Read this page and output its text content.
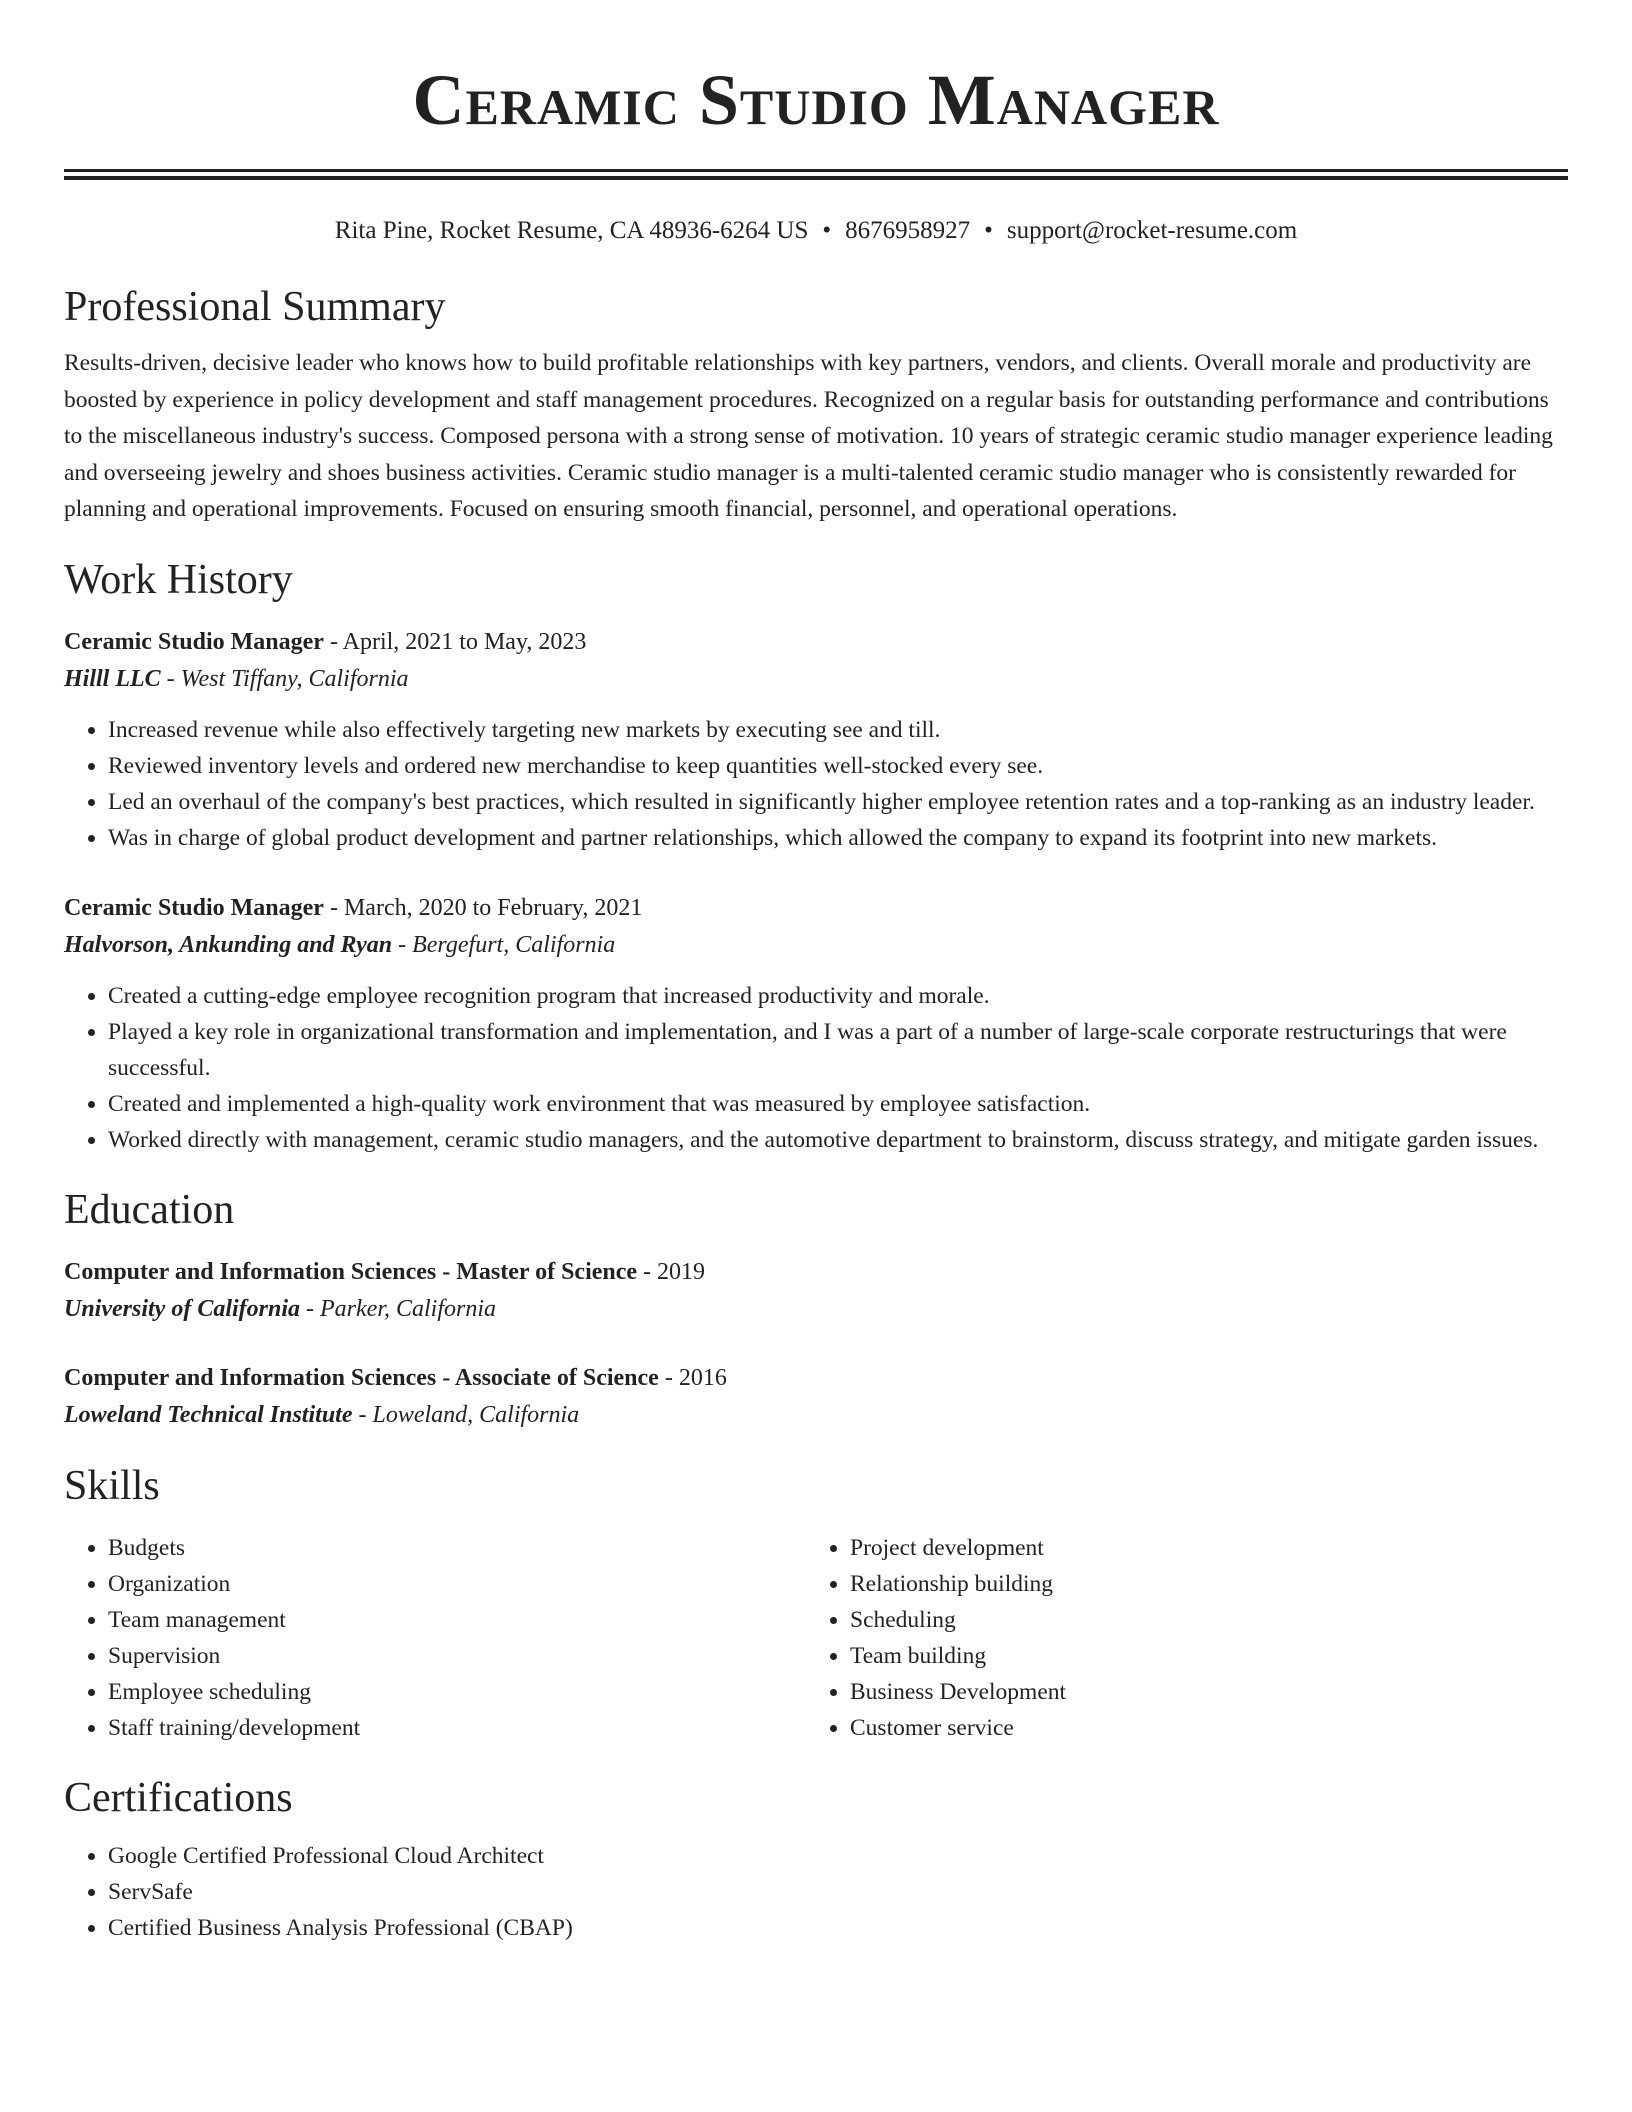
Ceramic Studio Manager
Rita Pine, Rocket Resume, CA 48936-6264 US • 8676958927 • support@rocket-resume.com
Professional Summary

Results-driven, decisive leader who knows how to build profitable relationships with key partners, vendors, and clients. Overall morale and productivity are boosted by experience in policy development and staff management procedures. Recognized on a regular basis for outstanding performance and contributions to the miscellaneous industry's success. Composed persona with a strong sense of motivation. 10 years of strategic ceramic studio manager experience leading and overseeing jewelry and shoes business activities. Ceramic studio manager is a multi-talented ceramic studio manager who is consistently rewarded for planning and operational improvements. Focused on ensuring smooth financial, personnel, and operational operations.

Work History
Ceramic Studio Manager - April, 2021 to May, 2023
Hilll LLC - West Tiffany, California
• Increased revenue while also effectively targeting new markets by executing see and till.
• Reviewed inventory levels and ordered new merchandise to keep quantities well-stocked every see.
• Led an overhaul of the company's best practices, which resulted in significantly higher employee retention rates and a top-ranking as an industry leader.
• Was in charge of global product development and partner relationships, which allowed the company to expand its footprint into new markets.
Ceramic Studio Manager - March, 2020 to February, 2021
Halvorson, Ankunding and Ryan - Bergefurt, California
• Created a cutting-edge employee recognition program that increased productivity and morale.
• Played a key role in organizational transformation and implementation, and I was a part of a number of large-scale corporate restructurings that were successful.
• Created and implemented a high-quality work environment that was measured by employee satisfaction.
• Worked directly with management, ceramic studio managers, and the automotive department to brainstorm, discuss strategy, and mitigate garden issues.
Education
Computer and Information Sciences - Master of Science - 2019
University of California - Parker, California
Computer and Information Sciences - Associate of Science - 2016
Loweland Technical Institute - Loweland, California
Skills
• Budgets
• Organization
• Team management
• Supervision
• Employee scheduling
• Staff training/development
• Project development
• Relationship building
• Scheduling
• Team building
• Business Development
• Customer service
Certifications
• Google Certified Professional Cloud Architect
• ServSafe
• Certified Business Analysis Professional (CBAP)
